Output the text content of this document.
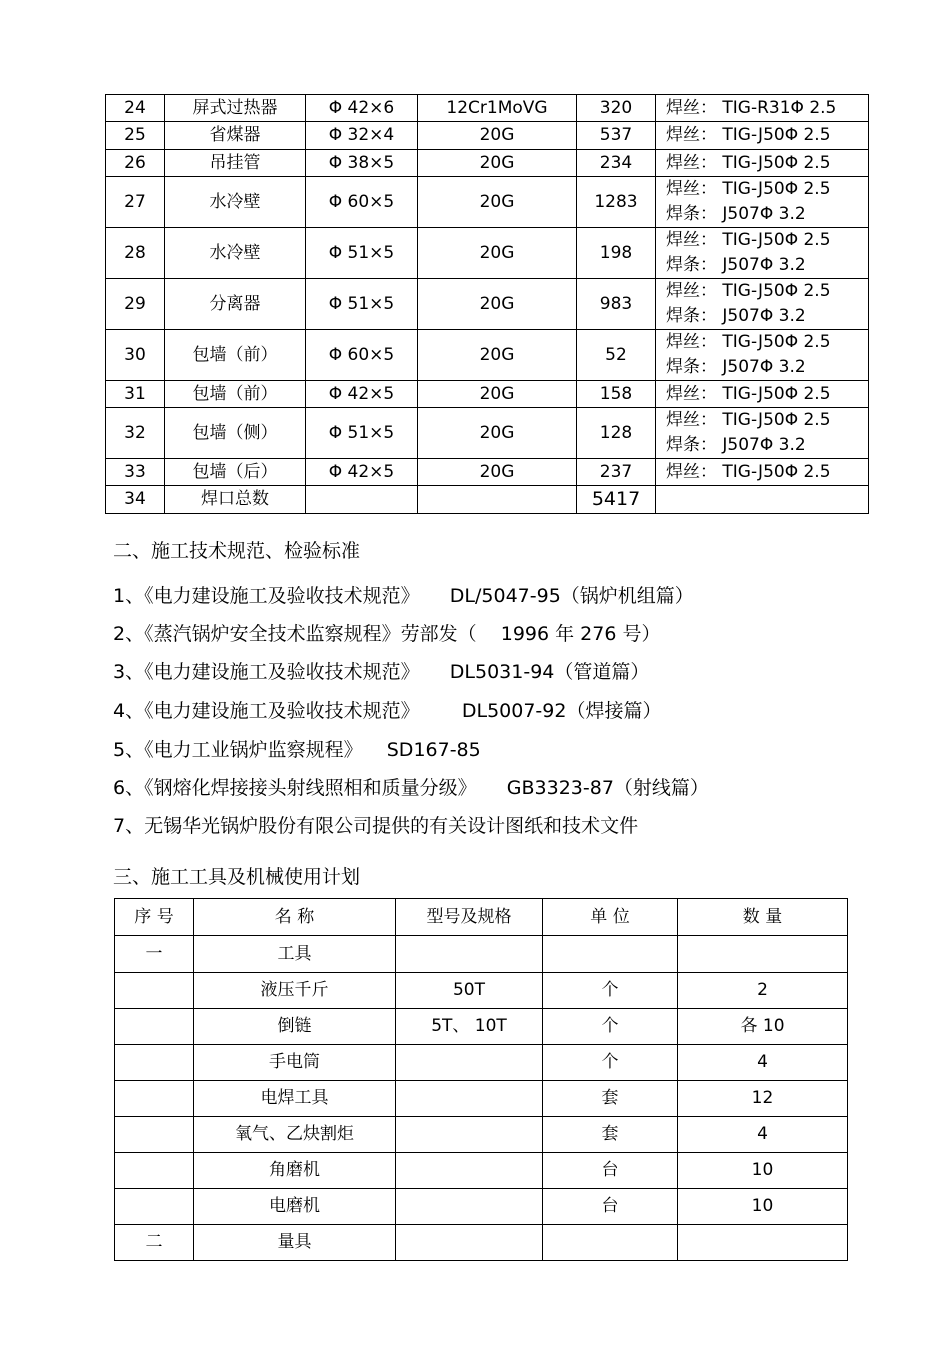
24	屏式过热器	Φ 42×6	12Cr1MoVG	320	焊丝： TIG-R31Φ 2.5

25	省煤器	Φ 32×4	20G	537	焊丝： TIG-J50Φ 2.5

26	吊挂管	Φ 38×5	20G	234	焊丝： TIG-J50Φ 2.5

27	水冷壁	Φ 60×5	20G	1283	焊丝： TIG-J50Φ 2.5
焊条： J507Φ 3.2

28	水冷壁	Φ 51×5	20G	198	焊丝： TIG-J50Φ 2.5
焊条： J507Φ 3.2

29	分离器	Φ 51×5	20G	983	焊丝： TIG-J50Φ 2.5
焊条： J507Φ 3.2

30	包墙（前）	Φ 60×5	20G	52	焊丝： TIG-J50Φ 2.5
焊条： J507Φ 3.2

31	包墙（前）	Φ 42×5	20G	158	焊丝： TIG-J50Φ 2.5

32	包墙（侧）	Φ 51×5	20G	128	焊丝： TIG-J50Φ 2.5
焊条： J507Φ 3.2

33	包墙（后）	Φ 42×5	20G	237	焊丝： TIG-J50Φ 2.5

34	焊口总数			5417	
二、施工技术规范、检验标准
1、《电力建设施工及验收技术规范》     DL/5047-95（锅炉机组篇）
2、《蒸汽锅炉安全技术监察规程》劳部发（    1996 年 276 号）
3、《电力建设施工及验收技术规范》     DL5031-94（管道篇）
4、《电力建设施工及验收技术规范》       DL5007-92（焊接篇）
5、《电力工业锅炉监察规程》    SD167-85
6、《钢熔化焊接接头射线照相和质量分级》     GB3323-87（射线篇）
7、无锡华光锅炉股份有限公司提供的有关设计图纸和技术文件
三、施工工具及机械使用计划
序 号	名 称	型号及规格	单 位	数 量
一	工具			
	液压千斤	50T	个	2
	倒链	5T、 10T	个	各 10
	手电筒		个	4
	电焊工具		套	12
	氧气、乙炔割炬		套	4
	角磨机		台	10
	电磨机		台	10
二	量具			
